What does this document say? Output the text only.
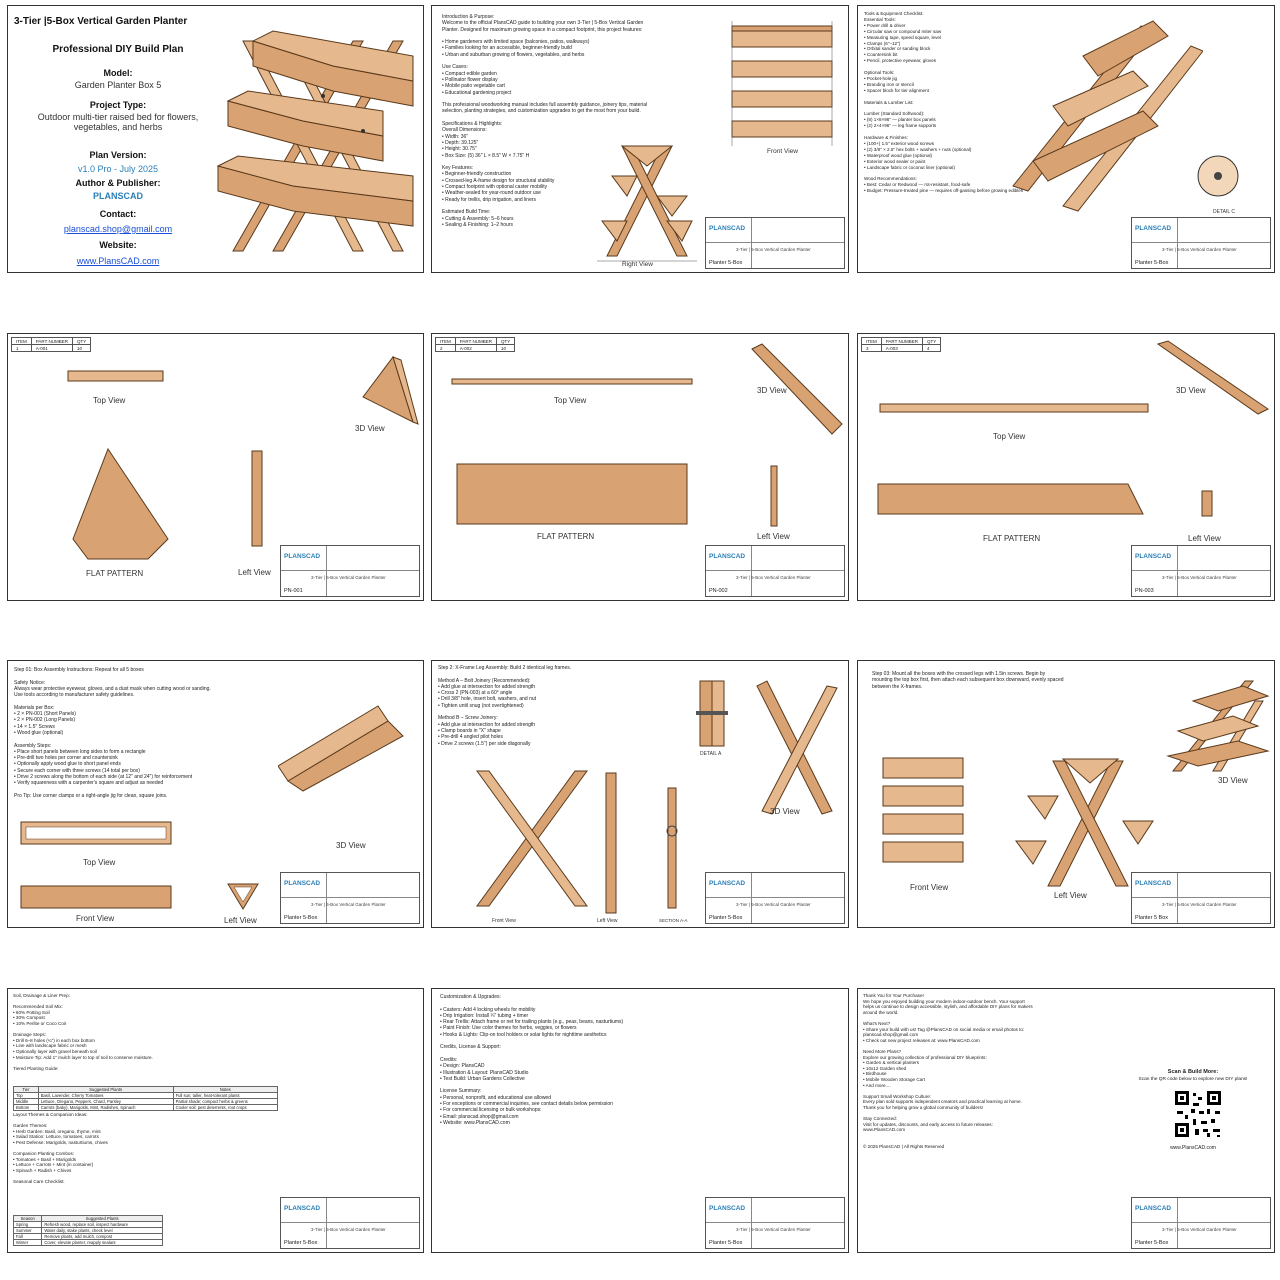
3-Tier |5-Box Vertical Garden Planter
Professional DIY Build Plan
Model:
Garden Planter Box 5
Project Type:
Outdoor multi-tier raised bed for flowers, vegetables, and herbs
Plan Version:
v1.0 Pro - July 2025
Author & Publisher:
PLANSCAD
Contact:
planscad.shop@gmail.com
Website:
www.PlansCAD.com
Introduction & Purpose:
Welcome to the official PlansCAD guide to building your own 3-Tier | 5-Box Vertical Garden
Planter. Designed for maximum growing space in a compact footprint, this project features:

• Home gardeners with limited space (balconies, patios, walkways)
• Families looking for an accessible, beginner-friendly build
• Urban and suburban growing of flowers, vegetables, and herbs

Use Cases:
• Compact edible garden
• Pollinator flower display
• Mobile patio vegetable cart
• Educational gardening project

This professional woodworking manual includes full assembly guidance, joinery tips, material
selection, planting strategies, and customization upgrades to get the most from your build.

Specifications & Highlights:
Overall Dimensions:
• Width: 36"
• Depth: 39.125"
• Height: 30.75"
• Box Size: (5) 36" L × 8.5" W × 7.75" H

Key Features:
• Beginner-friendly construction
• Crossed-leg A-frame design for structural stability
• Compact footprint with optional caster mobility
• Weather-sealed for year-round outdoor use
• Ready for trellis, drip irrigation, and liners

Estimated Build Time:
• Cutting & Assembly: 5–6 hours
• Sealing & Finishing: 1–2 hours
Front View
Right View
PLANSCAD
3-Tier | 5-Box Vertical Garden Planter
Planter 5-Box
Tools & Equipment Checklist:
Essential Tools:
• Power drill & driver
• Circular saw or compound miter saw
• Measuring tape, speed square, level
• Clamps (6"–12")
• Orbital sander or sanding block
• Countersink bit
• Pencil, protective eyewear, gloves

Optional Tools:
• Pocket-hole jig
• Branding iron or stencil
• Spacer block for tier alignment

Materials & Lumber List:

Lumber (Standard Softwood):
• (8) 1×8×96" — planter box panels
• (2) 2×4×96" — leg frame supports

Hardware & Finishes:
• (100+) 1.5" exterior wood screws
• (2) 3/8" × 2.5" hex bolts + washers + nuts (optional)
• Waterproof wood glue (optional)
• Exterior wood sealer or paint
• Landscape fabric or coconut liner (optional)

Wood Recommendations:
• Best: Cedar or Redwood — rot-resistant, food-safe
• Budget: Pressure-treated pine — requires off-gassing before growing edibles
DETAIL C
PLANSCAD
3-Tier | 5-Box Vertical Garden Planter
Planter 5-Box
ITEM	PART NUMBER	QTY
1	A-001	10
Top View
3D View
FLAT PATTERN	Left View
PLANSCAD
3-Tier | 5-Box Vertical Garden Planter
PN-001
ITEM	PART NUMBER	QTY
2	A-002	10
Top View
3D View
FLAT PATTERN	Left View
PLANSCAD
3-Tier | 5-Box Vertical Garden Planter
PN-002
ITEM	PART NUMBER	QTY
3	A-003	4
Top View
3D View
FLAT PATTERN	Left View
PLANSCAD
3-Tier | 5-Box Vertical Garden Planter
PN-003
Step 01: Box Assembly Instructions: Repeat for all 5 boxes

Safety Notice:
Always wear protective eyewear, gloves, and a dust mask when cutting wood or sanding.
Use tools according to manufacturer safety guidelines.

Materials per Box:
• 2 × PN-001 (Short Panels)
• 2 × PN-002 (Long Panels)
• 14 × 1.5" Screws
• Wood glue (optional)

Assembly Steps:
• Place short panels between long sides to form a rectangle
• Pre-drill two holes per corner and countersink
• Optionally apply wood glue to short panel ends
• Secure each corner with three screws (14 total per box)
• Drive 2 screws along the bottom of each side (at 12" and 24") for reinforcement
• Verify squareness with a carpenter's square and adjust as needed

Pro Tip: Use corner clamps or a right-angle jig for clean, square joins.
3D View
Top View
Front View	Left View
PLANSCAD
3-Tier | 5-Box Vertical Garden Planter
Planter 5-Box
Step 2: X-Frame Leg Assembly: Build 2 identical leg frames.

Method A – Bolt Joinery (Recommended):
• Add glue at intersection for added strength
• Cross 2 (PN-003) at a 60° angle
• Drill 3/8" hole, insert bolt, washers, and nut
• Tighten until snug (not overtightened)

Method B – Screw Joinery:
• Add glue at intersection for added strength
• Clamp boards in "X" shape
• Pre-drill 4 angled pilot holes
• Drive 2 screws (1.5") per side diagonally
DETAIL A
3D View
Front View	Left View	SECTION A-A
PLANSCAD
3-Tier | 5-Box Vertical Garden Planter
Planter 5-Box
Step 03: Mount all the boxes with the crossed legs with 1.5in screws. Begin by
mounting the top box first, then attach each subsequent box downward, evenly spaced
between the X-frames.
3D View
Front View
Left View
PLANSCAD
3-Tier | 5-Box Vertical Garden Planter
Planter 5 Box
Soil, Drainage & Liner Prep:

Recommended Soil Mix:
• 60% Potting Soil
• 30% Compost
• 10% Perlite or Coco Coir

Drainage Steps:
• Drill 6–8 holes (¼") in each box bottom
• Line with landscape fabric or mesh
• Optionally layer with gravel beneath soil
• Moisture Tip: Add 1" mulch layer to top of soil to conserve moisture.

Tiered Planting Guide:
Tier	Suggested Plants	Notes
Top	Basil, Lavender, Cherry Tomatoes	Full sun; taller, heat-tolerant plants
Middle	Lettuce, Oregano, Peppers, Chard, Parsley	Partial shade; compact herbs & greens
Bottom	Carrots (baby), Marigolds, Mint, Radishes, Spinach	Cooler soil; pest deterrents, root crops
Layout Themes & Companion Ideas:

Garden Themes:
• Herb Garden: Basil, oregano, thyme, mint
• Salad Station: Lettuce, tomatoes, carrots
• Pest Defense: Marigolds, nasturtiums, chives

Companion Planting Combos:
• Tomatoes + Basil + Marigolds
• Lettuce + Carrots + Mint (in container)
• Spinach + Radish + Chives

Seasonal Care Checklist:
Season	Suggested Plants
Spring	Refresh wood, replace soil, inspect hardware
Summer	Water daily, stake plants, check level
Fall	Remove plants, add mulch, compost
Winter	Cover, elevate planter, reapply sealant
PLANSCAD
3-Tier | 5-Box Vertical Garden Planter
Planter 5-Box
Customization & Upgrades:

• Casters: Add 4 locking wheels for mobility
• Drip Irrigation: Install ¼" tubing + timer
• Rear Trellis: Attach frame or net for trailing plants (e.g., peas, beans, nasturtiums)
• Paint Finish: Use color themes for herbs, veggies, or flowers
• Hooks & Lights: Clip-on tool holders or solar lights for nighttime aesthetics

Credits, License & Support:

Credits:
• Design: PlansCAD
• Illustration & Layout: PlansCAD Studio
• Test Build: Urban Gardens Collective

License Summary:
• Personal, nonprofit, and educational use allowed
• For exceptions or commercial inquiries, see contact details below permission
• For commercial licensing or bulk workshops:
• Email: planscad.shop@gmail.com
• Website: www.PlansCAD.com
PLANSCAD
3-Tier | 5-Box Vertical Garden Planter
Planter 5-Box
Thank You for Your Purchase!
We hope you enjoyed building your modern indoor-outdoor bench. Your support
helps us continue to design accessible, stylish, and affordable DIY plans for makers
around the world.

What's Next?
• Share your build with us! Tag @PlansCAD on social media or email photos to:
planscad.shop@gmail.com
• Check out new project releases at: www.PlansCAD.com

Need More Plans?
Explore our growing collection of professional DIY blueprints:
• Garden & vertical planters
• 10x12 Garden shed
• Birdhouse
• Mobile Wooden Storage Cart
• And more....

Support Small Workshop Culture:
Every plan sold supports independent creators and practical learning at home.
Thank you for helping grow a global community of builders!

Stay Connected:
Visit for updates, discounts, and early access to future releases:
www.PlansCAD.com

© 2025 PlansCAD | All Rights Reserved
Scan & Build More:
Scan the QR code below to explore new DIY plans!
www.PlansCAD.com
PLANSCAD
3-Tier | 5-Box Vertical Garden Planter
Planter 5-Box
